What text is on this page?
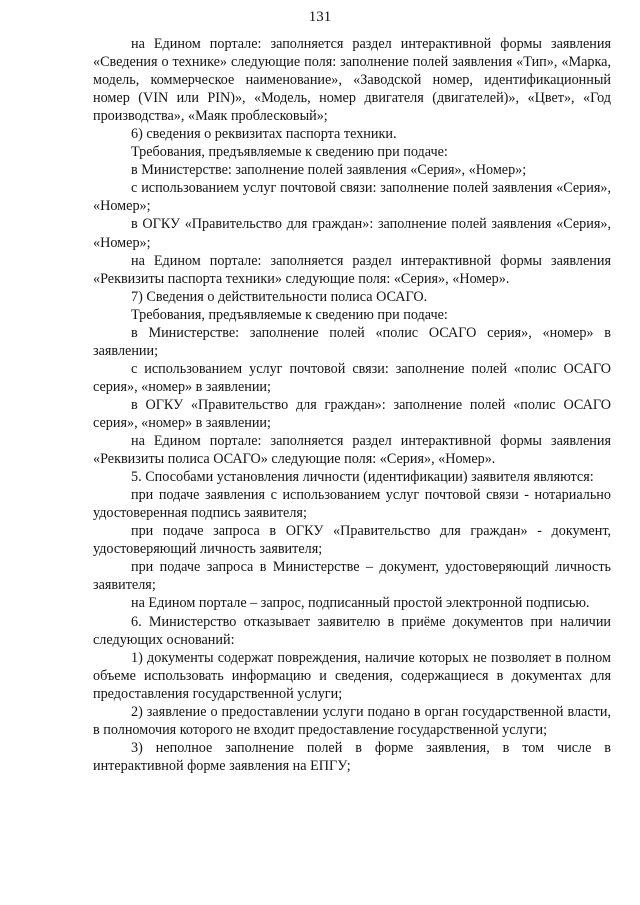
131

на Едином портале: заполняется раздел интерактивной формы заявления «Сведения о технике» следующие поля: заполнение полей заявления «Тип», «Марка, модель, коммерческое наименование», «Заводской номер, идентификационный номер (VIN или PIN)», «Модель, номер двигателя (двигателей)», «Цвет», «Год производства», «Маяк проблесковый»;

6) сведения о реквизитах паспорта техники.

Требования, предъявляемые к сведению при подаче:

в Министерстве: заполнение полей заявления «Серия», «Номер»;

с использованием услуг почтовой связи: заполнение полей заявления «Серия», «Номер»;

в ОГКУ «Правительство для граждан»: заполнение полей заявления «Серия», «Номер»;

на Едином портале: заполняется раздел интерактивной формы заявления «Реквизиты паспорта техники» следующие поля: «Серия», «Номер».

7) Сведения о действительности полиса ОСАГО.

Требования, предъявляемые к сведению при подаче:

в Министерстве: заполнение полей «полис ОСАГО серия», «номер» в заявлении;

с использованием услуг почтовой связи: заполнение полей «полис ОСАГО серия», «номер» в заявлении;

в ОГКУ «Правительство для граждан»: заполнение полей «полис ОСАГО серия», «номер» в заявлении;

на Едином портале: заполняется раздел интерактивной формы заявления «Реквизиты полиса ОСАГО» следующие поля: «Серия», «Номер».

5. Способами установления личности (идентификации) заявителя являются:

при подаче заявления с использованием услуг почтовой связи - нотариально удостоверенная подпись заявителя;

при подаче запроса в ОГКУ «Правительство для граждан» - документ, удостоверяющий личность заявителя;

при подаче запроса в Министерстве – документ, удостоверяющий личность заявителя;

на Едином портале – запрос, подписанный простой электронной подписью.

6. Министерство отказывает заявителю в приёме документов при наличии следующих оснований:

1) документы содержат повреждения, наличие которых не позволяет в полном объеме использовать информацию и сведения, содержащиеся в документах для предоставления государственной услуги;

2) заявление о предоставлении услуги подано в орган государственной власти, в полномочия которого не входит предоставление государственной услуги;

3) неполное заполнение полей в форме заявления, в том числе в интерактивной форме заявления на ЕПГУ;
